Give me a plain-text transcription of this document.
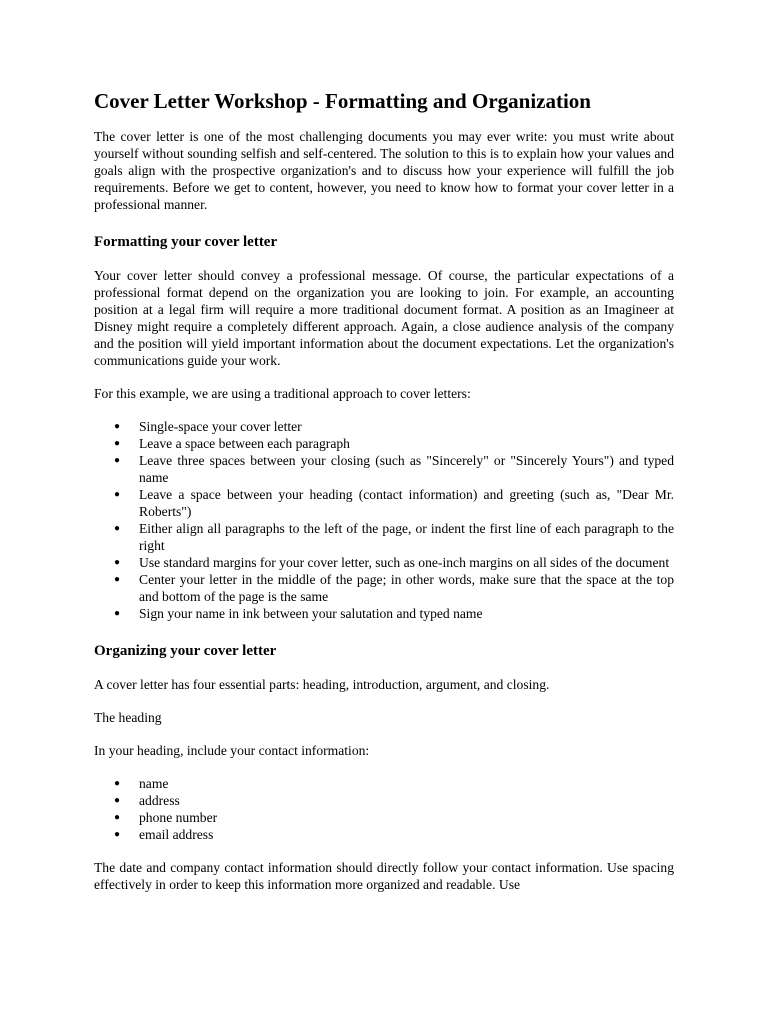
Cover Letter Workshop - Formatting and Organization

The cover letter is one of the most challenging documents you may ever write: you must write about yourself without sounding selfish and self-centered. The solution to this is to explain how your values and goals align with the prospective organization's and to discuss how your experience will fulfill the job requirements. Before we get to content, however, you need to know how to format your cover letter in a professional manner.

Formatting your cover letter

Your cover letter should convey a professional message. Of course, the particular expectations of a professional format depend on the organization you are looking to join. For example, an accounting position at a legal firm will require a more traditional document format. A position as an Imagineer at Disney might require a completely different approach. Again, a close audience analysis of the company and the position will yield important information about the document expectations. Let the organization's communications guide your work.

For this example, we are using a traditional approach to cover letters:

● Single-space your cover letter
● Leave a space between each paragraph
● Leave three spaces between your closing (such as "Sincerely" or "Sincerely Yours") and typed name
● Leave a space between your heading (contact information) and greeting (such as, "Dear Mr. Roberts")
● Either align all paragraphs to the left of the page, or indent the first line of each paragraph to the right
● Use standard margins for your cover letter, such as one-inch margins on all sides of the document
● Center your letter in the middle of the page; in other words, make sure that the space at the top and bottom of the page is the same
● Sign your name in ink between your salutation and typed name
Organizing your cover letter

A cover letter has four essential parts: heading, introduction, argument, and closing.

The heading

In your heading, include your contact information:

● name
● address
● phone number
● email address

The date and company contact information should directly follow your contact information. Use spacing effectively in order to keep this information more organized and readable. Use
